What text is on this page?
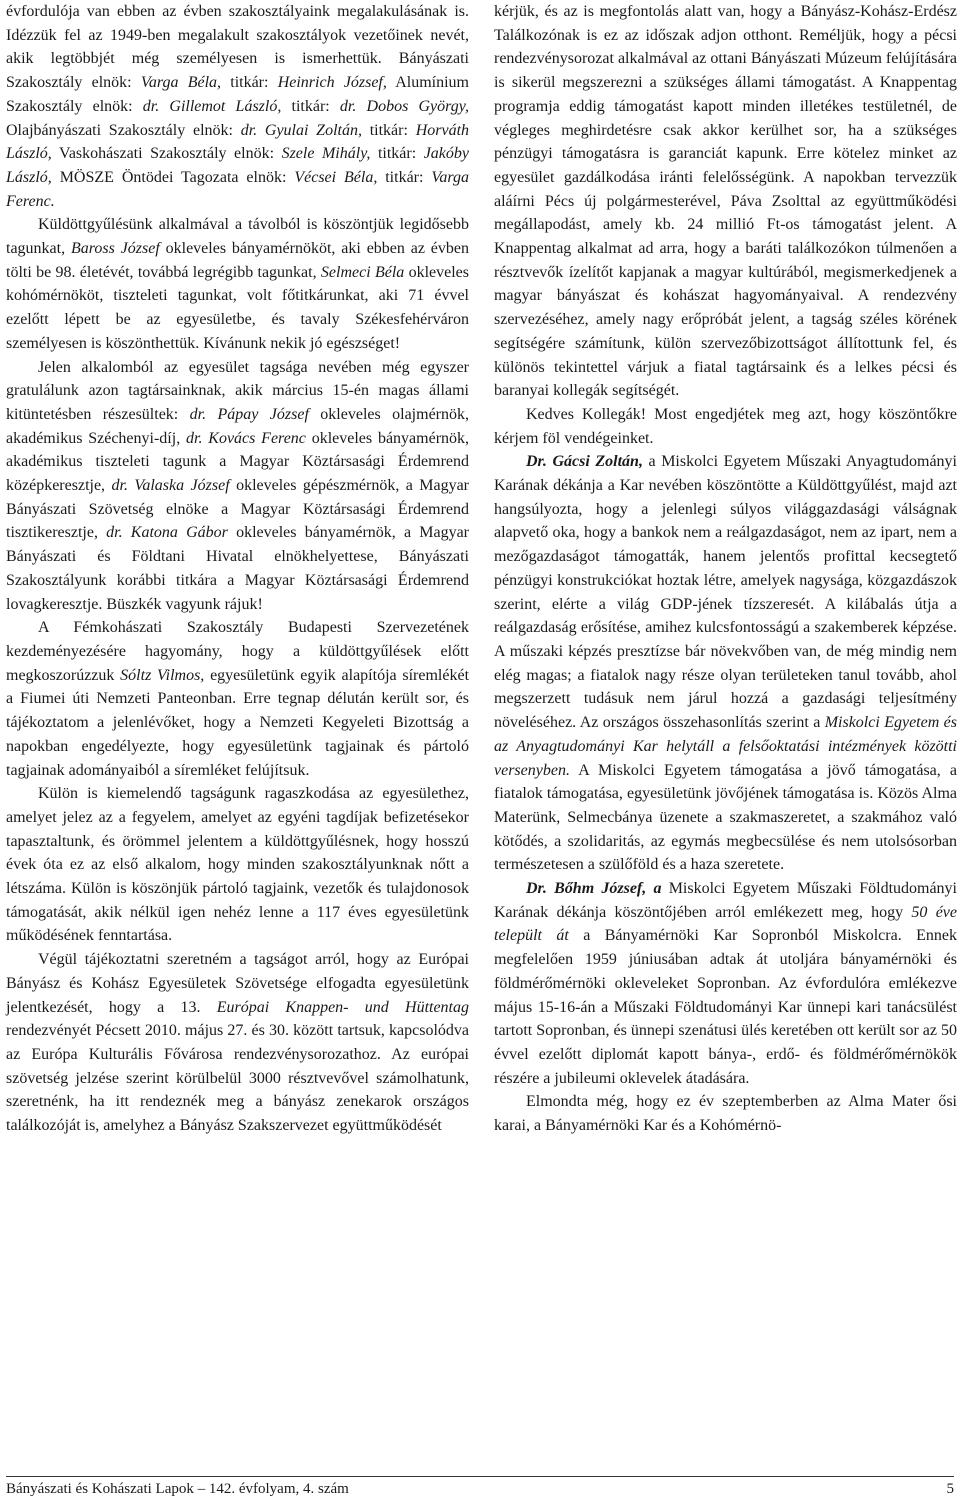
évfordulója van ebben az évben szakosztályaink megalakulásának is. Idézzük fel az 1949-ben megalakult szakosztályok vezetőinek nevét, akik legtöbbjét még személyesen is ismerhettük. Bányászati Szakosztály elnök: Varga Béla, titkár: Heinrich József, Alumínium Szakosztály elnök: dr. Gillemot László, titkár: dr. Dobos György, Olajbányászati Szakosztály elnök: dr. Gyulai Zoltán, titkár: Horváth László, Vaskohászati Szakosztály elnök: Szele Mihály, titkár: Jakóby László, MÖSZE Öntödei Tagozata elnök: Vécsei Béla, titkár: Varga Ferenc.

Küldöttgyűlésünk alkalmával a távolból is köszöntjük legidősebb tagunkat, Baross József okleveles bányamérnököt, aki ebben az évben tölti be 98. életévét, továbbá legrégibb tagunkat, Selmeci Béla okleveles kohómérnököt, tiszteleti tagunkat, volt főtitkárunkat, aki 71 évvel ezelőtt lépett be az egyesületbe, és tavaly Székesfehérváron személyesen is köszönthettük. Kívánunk nekik jó egészséget!

Jelen alkalomból az egyesület tagsága nevében még egyszer gratulálunk azon tagtársainknak, akik március 15-én magas állami kitüntetésben részesültek: dr. Pápay József okleveles olajmérnök, akadémikus Széchenyi-díj, dr. Kovács Ferenc okleveles bányamérnök, akadémikus tiszteleti tagunk a Magyar Köztársasági Érdemrend középkeresztje, dr. Valaska József okleveles gépészmérnök, a Magyar Bányászati Szövetség elnöke a Magyar Köztársasági Érdemrend tisztikeresztje, dr. Katona Gábor okleveles bányamérnök, a Magyar Bányászati és Földtani Hivatal elnökhelyettese, Bányászati Szakosztályunk korábbi titkára a Magyar Köztársasági Érdemrend lovagkeresztje. Büszkék vagyunk rájuk!

A Fémkohászati Szakosztály Budapesti Szervezetének kezdeményezésére hagyomány, hogy a küldöttgyűlések előtt megkoszorúzzuk Sóltz Vilmos, egyesületünk egyik alapítója síremlékét a Fiumei úti Nemzeti Panteonban. Erre tegnap délután került sor, és tájékoztatom a jelenlévőket, hogy a Nemzeti Kegyeleti Bizottság a napokban engedélyezte, hogy egyesületünk tagjainak és pártoló tagjainak adományaiból a síremléket felújítsuk.

Külön is kiemelendő tagságunk ragaszkodása az egyesülethez, amelyet jelez az a fegyelem, amelyet az egyéni tagdíjak befizetésekor tapasztaltunk, és örömmel jelentem a küldöttgyűlésnek, hogy hosszú évek óta ez az első alkalom, hogy minden szakosztályunknak nőtt a létszáma. Külön is köszönjük pártoló tagjaink, vezetők és tulajdonosok támogatását, akik nélkül igen nehéz lenne a 117 éves egyesületünk működésének fenntartása.

Végül tájékoztatni szeretném a tagságot arról, hogy az Európai Bányász és Kohász Egyesületek Szövetsége elfogadta egyesületünk jelentkezését, hogy a 13. Európai Knappen- und Hüttentag rendezvényét Pécsett 2010. május 27. és 30. között tartsuk, kapcsolódva az Európa Kulturális Fővárosa rendezvénysorozathoz. Az európai szövetség jelzése szerint körülbelül 3000 résztvevővel számolhatunk, szeretnénk, ha itt rendeznék meg a bányász zenekarok országos találkozóját is, amelyhez a Bányász Szakszervezet együttműködését

kérjük, és az is megfontolás alatt van, hogy a Bányász-Kohász-Erdész Találkozónak is ez az időszak adjon otthont. Reméljük, hogy a pécsi rendezvénysorozat alkalmával az ottani Bányászati Múzeum felújítására is sikerül megszerezni a szükséges állami támogatást. A Knappentag programja eddig támogatást kapott minden illetékes testületnél, de végleges meghirdetésre csak akkor kerülhet sor, ha a szükséges pénzügyi támogatásra is garanciát kapunk. Erre kötelez minket az egyesület gazdálkodása iránti felelősségünk. A napokban tervezzük aláírni Pécs új polgármesterével, Páva Zsolttal az együttműködési megállapodást, amely kb. 24 millió Ft-os támogatást jelent. A Knappentag alkalmat ad arra, hogy a baráti találkozókon túlmenően a résztvevők ízelítőt kapjanak a magyar kultúrából, megismerkedjenek a magyar bányászat és kohászat hagyományaival. A rendezvény szervezéséhez, amely nagy erőpróbát jelent, a tagság széles körének segítségére számítunk, külön szervezőbizottságot állítottunk fel, és különös tekintettel várjuk a fiatal tagtársaink és a lelkes pécsi és baranyai kollegák segítségét.

Kedves Kollegák! Most engedjétek meg azt, hogy köszöntőkre kérjem föl vendégeinket.

Dr. Gácsi Zoltán, a Miskolci Egyetem Műszaki Anyagtudományi Karának dékánja a Kar nevében köszöntötte a Küldöttgyűlést, majd azt hangsúlyozta, hogy a jelenlegi súlyos világgazdasági válságnak alapvető oka, hogy a bankok nem a reálgazdaságot, nem az ipart, nem a mezőgazdaságot támogatták, hanem jelentős profittal kecsegtető pénzügyi konstrukciókat hoztak létre, amelyek nagysága, közgazdászok szerint, elérte a világ GDP-jének tízszeresét. A kilábalás útja a reálgazdaság erősítése, amihez kulcsfontosságú a szakemberek képzése. A műszaki képzés presztízse bár növekvőben van, de még mindig nem elég magas; a fiatalok nagy része olyan területeken tanul tovább, ahol megszerzett tudásuk nem járul hozzá a gazdasági teljesítmény növeléséhez. Az országos összehasonlítás szerint a Miskolci Egyetem és az Anyagtudományi Kar helytáll a felsőoktatási intézmények közötti versenyben. A Miskolci Egyetem támogatása a jövő támogatása, a fiatalok támogatása, egyesületünk jövőjének támogatása is. Közös Alma Materünk, Selmecbánya üzenete a szakmaszeretet, a szakmához való kötődés, a szolidaritás, az egymás megbecsülése és nem utolsósorban természetesen a szülőföld és a haza szeretete.

Dr. Bőhm József, a Miskolci Egyetem Műszaki Földtudományi Karának dékánja köszöntőjében arról emlékezett meg, hogy 50 éve települt át a Bányamérnöki Kar Sopronból Miskolcra. Ennek megfelelően 1959 júniusában adtak át utoljára bányamérnöki és földmérőmérnöki okleveleket Sopronban. Az évfordulóra emlékezve május 15-16-án a Műszaki Földtudományi Kar ünnepi kari tanácsülést tartott Sopronban, és ünnepi szenátusi ülés keretében ott került sor az 50 évvel ezelőtt diplomát kapott bánya-, erdő- és földmérőmérnökök részére a jubileumi oklevelek átadására.

Elmondta még, hogy ez év szeptemberben az Alma Mater ősi karai, a Bányamérnöki Kar és a Kohómérnö-

Bányászati és Kohászati Lapok – 142. évfolyam, 4. szám	5
